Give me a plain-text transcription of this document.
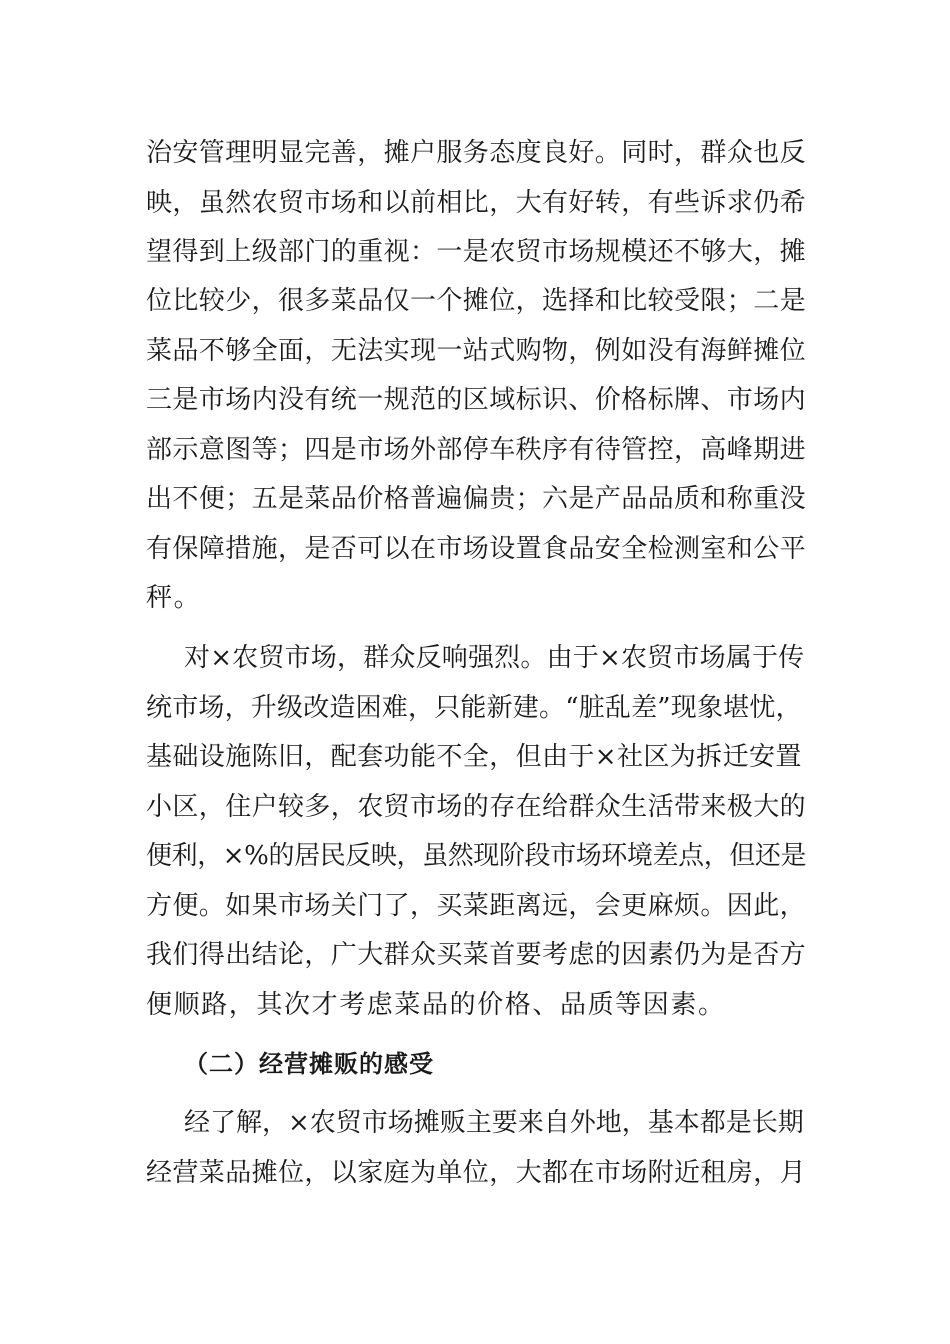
治安管理明显完善，摊户服务态度良好。同时，群众也反
映，虽然农贸市场和以前相比，大有好转，有些诉求仍希
望得到上级部门的重视：一是农贸市场规模还不够大，摊
位比较少，很多菜品仅一个摊位，选择和比较受限；二是
菜品不够全面，无法实现一站式购物，例如没有海鲜摊位
三是市场内没有统一规范的区域标识、价格标牌、市场内
部示意图等；四是市场外部停车秩序有待管控，高峰期进
出不便；五是菜品价格普遍偏贵；六是产品品质和称重没
有保障措施，是否可以在市场设置食品安全检测室和公平
秤。
对×农贸市场，群众反响强烈。由于×农贸市场属于传
统市场，升级改造困难，只能新建。“脏乱差”现象堪忧，
基础设施陈旧，配套功能不全，但由于×社区为拆迁安置
小区，住户较多，农贸市场的存在给群众生活带来极大的
便利，×%的居民反映，虽然现阶段市场环境差点，但还是
方便。如果市场关门了，买菜距离远，会更麻烦。因此，
我们得出结论，广大群众买菜首要考虑的因素仍为是否方
便顺路，其次才考虑菜品的价格、品质等因素。
（二）经营摊贩的感受
经了解，×农贸市场摊贩主要来自外地，基本都是长期
经营菜品摊位，以家庭为单位，大都在市场附近租房，月
